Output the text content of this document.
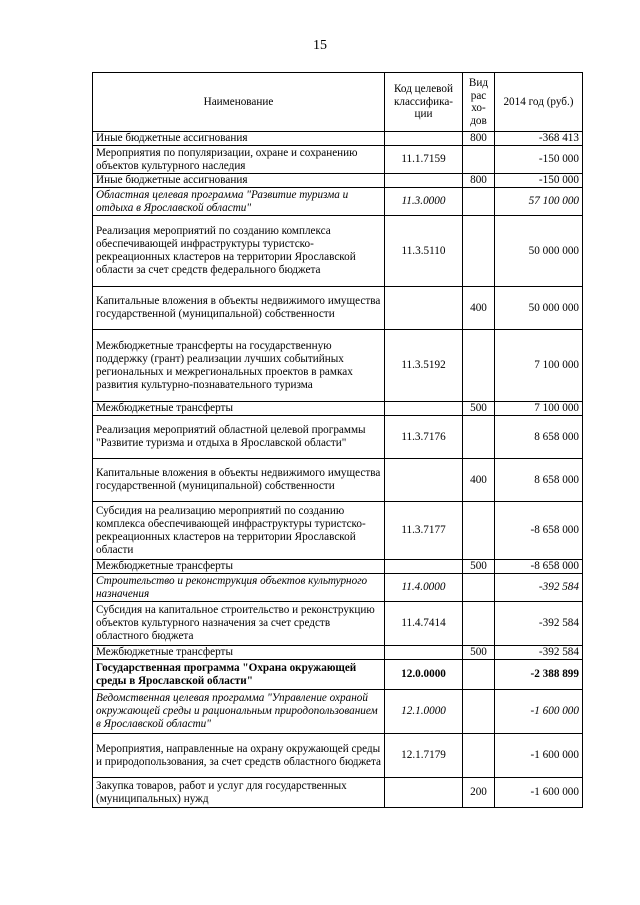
15
Наименование	Код целевой классифика-ции	Вид рас хо-дов	2014 год (руб.)
Иные бюджетные ассигнования		800	-368 413
Мероприятия по популяризации, охране и сохранению объектов культурного наследия	11.1.7159		-150 000
Иные бюджетные ассигнования		800	-150 000
Областная целевая программа "Развитие туризма и отдыха в Ярославской области"	11.3.0000		57 100 000
Реализация мероприятий по созданию комплекса обеспечивающей инфраструктуры туристско-рекреационных кластеров на территории Ярославской области за счет средств федерального бюджета	11.3.5110		50 000 000
Капитальные вложения в объекты недвижимого имущества государственной (муниципальной) собственности		400	50 000 000
Межбюджетные трансферты на государственную поддержку (грант) реализации лучших событийных региональных и межрегиональных проектов в рамках развития культурно-познавательного туризма	11.3.5192		7 100 000
Межбюджетные трансферты		500	7 100 000
Реализация мероприятий областной целевой программы "Развитие туризма и отдыха в Ярославской области"	11.3.7176		8 658 000
Капитальные вложения в объекты недвижимого имущества государственной (муниципальной) собственности		400	8 658 000
Субсидия на реализацию мероприятий по созданию комплекса обеспечивающей инфраструктуры туристско-рекреационных кластеров на территории Ярославской области	11.3.7177		-8 658 000
Межбюджетные трансферты		500	-8 658 000
Строительство и реконструкция объектов культурного назначения	11.4.0000		-392 584
Субсидия на капитальное строительство и реконструкцию объектов культурного назначения за счет средств областного бюджета	11.4.7414		-392 584
Межбюджетные трансферты		500	-392 584
Государственная программа "Охрана окружающей среды в Ярославской области"	12.0.0000		-2 388 899
Ведомственная целевая программа "Управление охраной окружающей среды и рациональным природопользованием в Ярославской области"	12.1.0000		-1 600 000
Мероприятия, направленные на охрану окружающей среды и природопользования, за счет средств областного бюджета	12.1.7179		-1 600 000
Закупка товаров, работ и услуг для государственных (муниципальных) нужд		200	-1 600 000
